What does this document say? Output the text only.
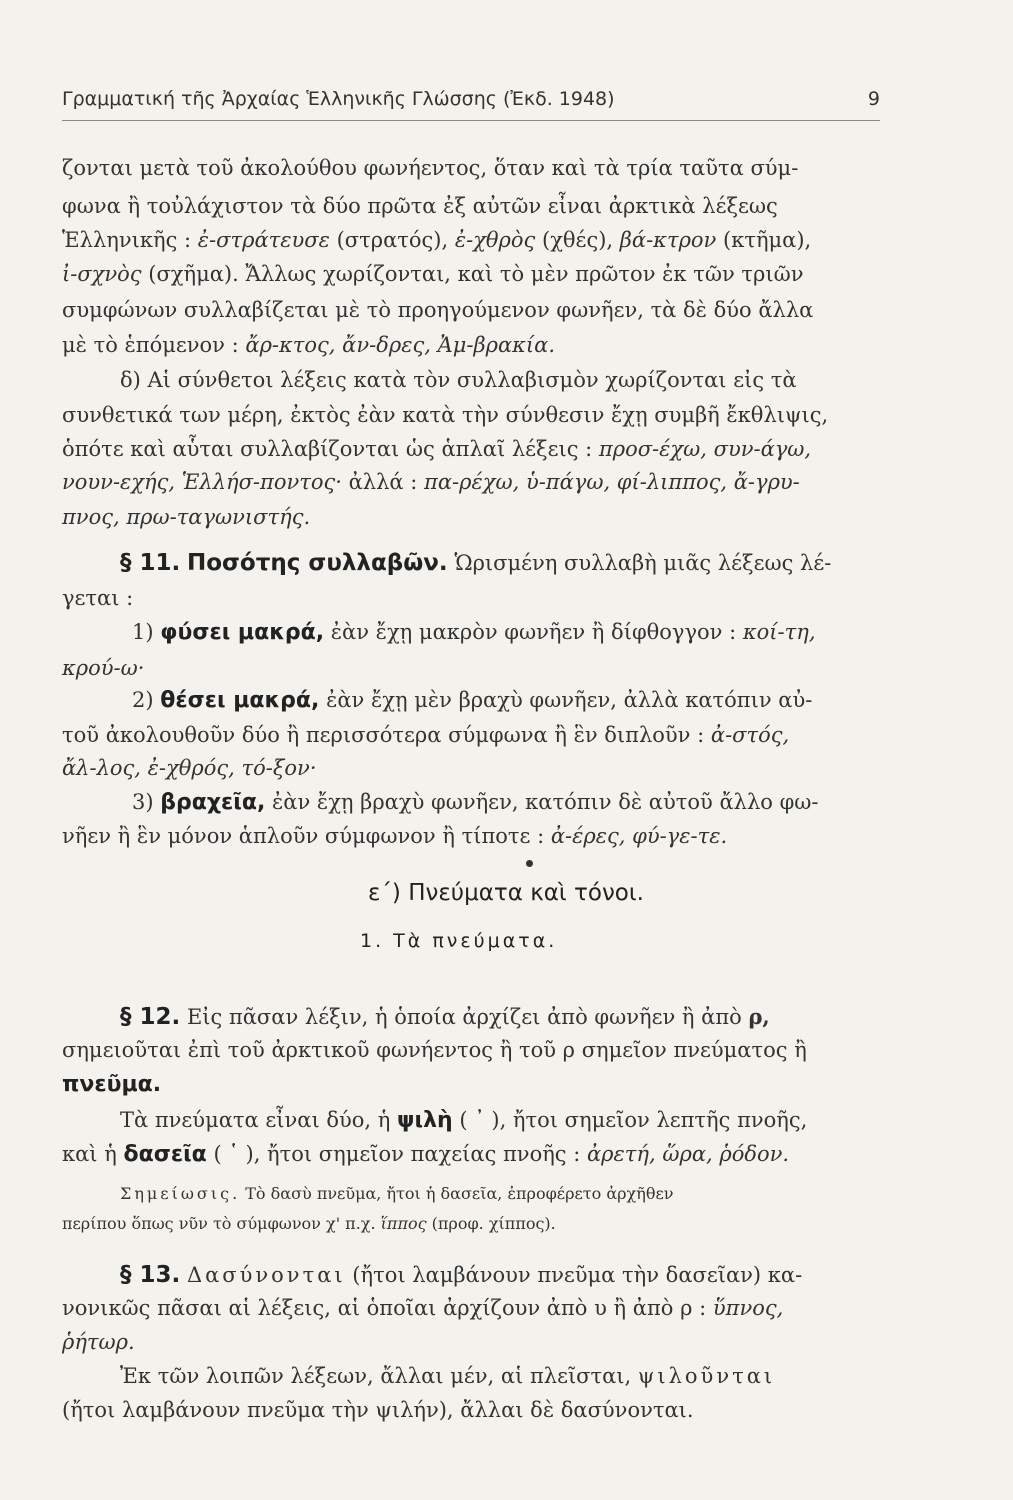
Γραμματική τῆς Ἀρχαίας Ἑλληνικῆς Γλώσσης (Ἐκδ. 1948)	9
ζονται μετὰ τοῦ ἀκολούθου φωνήεντος, ὅταν καὶ τὰ τρία ταῦτα σύμ-
φωνα ἢ τοὐλάχιστον τὰ δύο πρῶτα ἐξ αὐτῶν εἶναι ἀρκτικὰ λέξεως
Ἑλληνικῆς : ἐ-στράτευσε (στρατός), ἐ-χθρὸς (χθές), βά-κτρον (κτῆμα),
ἰ-σχνὸς (σχῆμα). Ἄλλως χωρίζονται, καὶ τὸ μὲν πρῶτον ἐκ τῶν τριῶν
συμφώνων συλλαβίζεται μὲ τὸ προηγούμενον φωνῆεν, τὰ δὲ δύο ἄλλα
μὲ τὸ ἑπόμενον : ἄρ-κτος, ἄν-δρες, Ἀμ-βρακία.
δ) Αἱ σύνθετοι λέξεις κατὰ τὸν συλλαβισμὸν χωρίζονται εἰς τὰ
συνθετικά των μέρη, ἐκτὸς ἐὰν κατὰ τὴν σύνθεσιν ἔχῃ συμβῆ ἔκθλιψις,
ὁπότε καὶ αὗται συλλαβίζονται ὡς ἁπλαῖ λέξεις : προσ-έχω, συν-άγω,
νουν-εχής, Ἑλλήσ-ποντος· ἀλλά : πα-ρέχω, ὑ-πάγω, φί-λιππος, ἄ-γρυ-
πνος, πρω-ταγωνιστής.
§ 11. Ποσότης συλλαβῶν. Ὡρισμένη συλλαβὴ μιᾶς λέξεως λέ-
γεται :
1) φύσει μακρά, ἐὰν ἔχῃ μακρὸν φωνῆεν ἢ δίφθογγον : κοί-τη,
κρού-ω·
2) θέσει μακρά, ἐὰν ἔχῃ μὲν βραχὺ φωνῆεν, ἀλλὰ κατόπιν αὐ-
τοῦ ἀκολουθοῦν δύο ἢ περισσότερα σύμφωνα ἢ ἓν διπλοῦν : ἀ-στός,
ἄλ-λος, ἐ-χθρός, τό-ξον·
3) βραχεῖα, ἐὰν ἔχῃ βραχὺ φωνῆεν, κατόπιν δὲ αὐτοῦ ἄλλο φω-
νῆεν ἢ ἓν μόνον ἁπλοῦν σύμφωνον ἢ τίποτε : ἀ-έρες, φύ-γε-τε.
ε΄) Πνεύματα καὶ τόνοι.
1. Τὰ πνεύματα.
§ 12. Εἰς πᾶσαν λέξιν, ἡ ὁποία ἀρχίζει ἀπὸ φωνῆεν ἢ ἀπὸ ρ,
σημειοῦται ἐπὶ τοῦ ἀρκτικοῦ φωνήεντος ἢ τοῦ ρ σημεῖον πνεύματος ἢ
πνεῦμα.
Τὰ πνεύματα εἶναι δύο, ἡ ψιλὴ ( ᾿ ), ἤτοι σημεῖον λεπτῆς πνοῆς,
καὶ ἡ δασεῖα ( ῾ ), ἤτοι σημεῖον παχείας πνοῆς : ἀρετή, ὥρα, ῥόδον.
Σημείωσις. Τὸ δασὺ πνεῦμα, ἤτοι ἡ δασεῖα, ἐπροφέρετο ἀρχῆθεν
περίπου ὅπως νῦν τὸ σύμφωνον χ' π.χ. ἵππος (προφ. χίππος).
§ 13. Δασύνονται (ἤτοι λαμβάνουν πνεῦμα τὴν δασεῖαν) κα-
νονικῶς πᾶσαι αἱ λέξεις, αἱ ὁποῖαι ἀρχίζουν ἀπὸ υ ἢ ἀπὸ ρ : ὕπνος,
ῥήτωρ.
Ἐκ τῶν λοιπῶν λέξεων, ἄλλαι μέν, αἱ πλεῖσται, ψιλοῦνται
(ἤτοι λαμβάνουν πνεῦμα τὴν ψιλήν), ἄλλαι δὲ δασύνονται.
